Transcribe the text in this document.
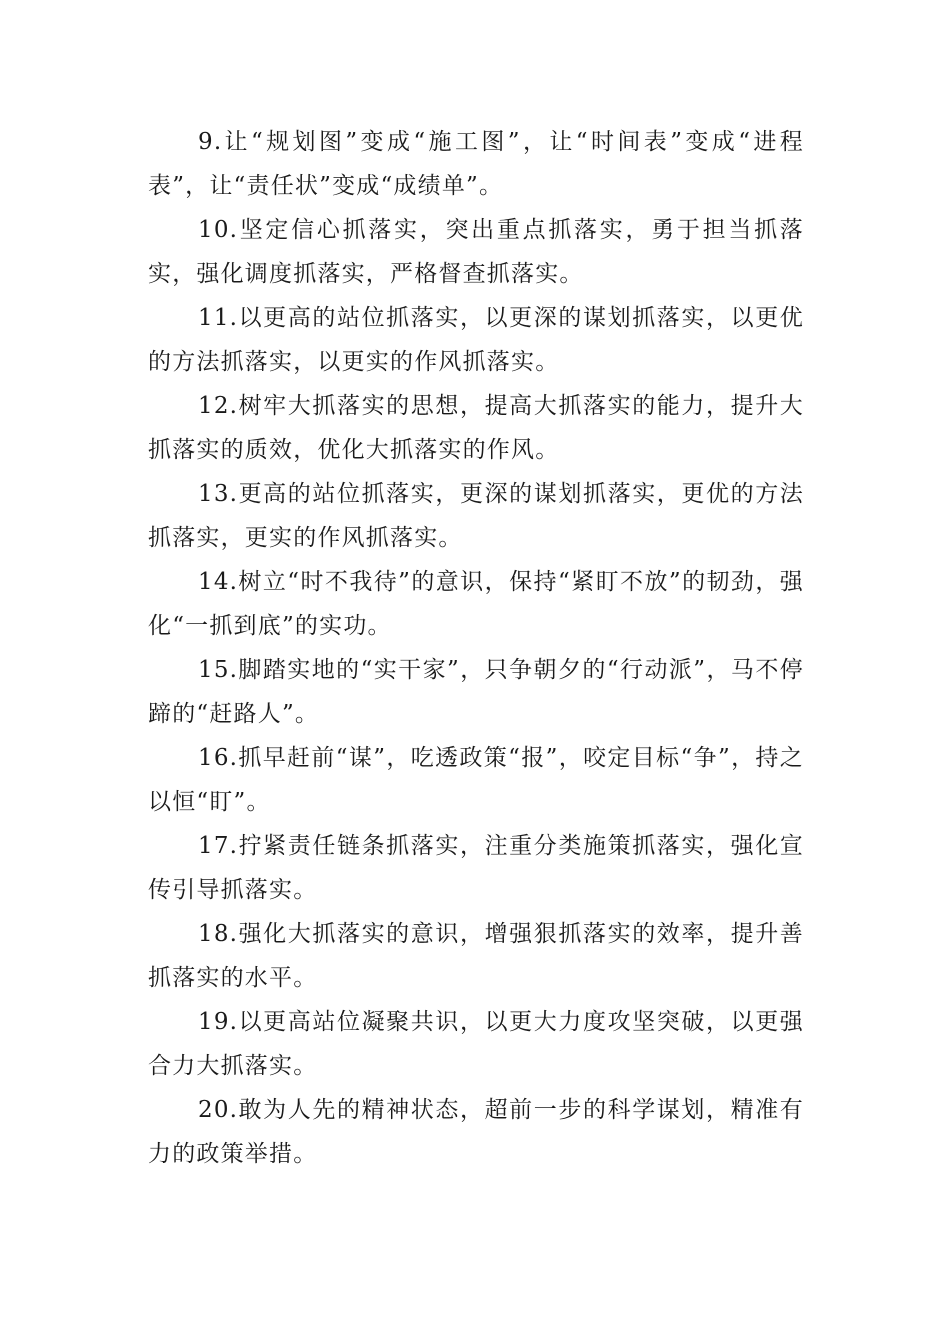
9.让“规划图”变成“施工图”，让“时间表”变成“进程表”，让“责任状”变成“成绩单”。

10.坚定信心抓落实，突出重点抓落实，勇于担当抓落实，强化调度抓落实，严格督查抓落实。

11.以更高的站位抓落实，以更深的谋划抓落实，以更优的方法抓落实，以更实的作风抓落实。

12.树牢大抓落实的思想，提高大抓落实的能力，提升大抓落实的质效，优化大抓落实的作风。

13.更高的站位抓落实，更深的谋划抓落实，更优的方法抓落实，更实的作风抓落实。

14.树立“时不我待”的意识，保持“紧盯不放”的韧劲，强化“一抓到底”的实功。

15.脚踏实地的“实干家”，只争朝夕的“行动派”，马不停蹄的“赶路人”。

16.抓早赶前“谋”，吃透政策“报”，咬定目标“争”，持之以恒“盯”。

17.拧紧责任链条抓落实，注重分类施策抓落实，强化宣传引导抓落实。

18.强化大抓落实的意识，增强狠抓落实的效率，提升善抓落实的水平。

19.以更高站位凝聚共识，以更大力度攻坚突破，以更强合力大抓落实。

20.敢为人先的精神状态，超前一步的科学谋划，精准有力的政策举措。
